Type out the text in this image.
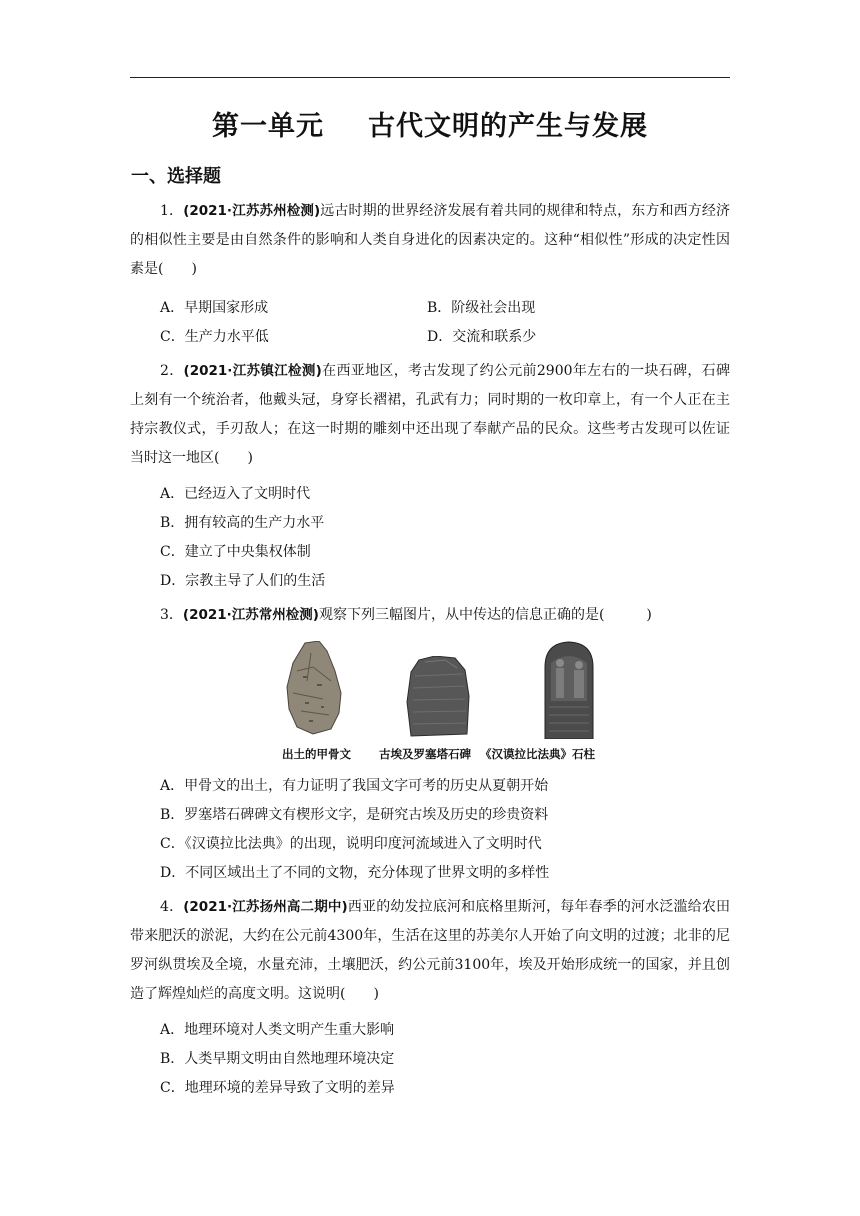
第一单元 古代文明的产生与发展
一、选择题
1．(2021·江苏苏州检测)远古时期的世界经济发展有着共同的规律和特点，东方和西方经济的相似性主要是由自然条件的影响和人类自身进化的因素决定的。这种“相似性”形成的决定性因素是(　　)
A．早期国家形成	B．阶级社会出现
C．生产力水平低	D．交流和联系少
2．(2021·江苏镇江检测)在西亚地区，考古发现了约公元前2900年左右的一块石碑，石碑上刻有一个统治者，他戴头冠，身穿长褶裙，孔武有力；同时期的一枚印章上，有一个人正在主持宗教仪式，手刃敌人；在这一时期的雕刻中还出现了奉献产品的民众。这些考古发现可以佐证当时这一地区(　　)
A．已经迈入了文明时代
B．拥有较高的生产力水平
C．建立了中央集权体制
D．宗教主导了人们的生活
3．(2021·江苏常州检测)观察下列三幅图片，从中传达的信息正确的是(　　　)
出土的甲骨文 古埃及罗塞塔石碑 《汉谟拉比法典》石柱
A．甲骨文的出土，有力证明了我国文字可考的历史从夏朝开始
B．罗塞塔石碑碑文有楔形文字，是研究古埃及历史的珍贵资料
C．《汉谟拉比法典》的出现，说明印度河流域进入了文明时代
D．不同区域出土了不同的文物，充分体现了世界文明的多样性
4．(2021·江苏扬州高二期中)西亚的幼发拉底河和底格里斯河，每年春季的河水泛滥给农田带来肥沃的淤泥，大约在公元前4300年，生活在这里的苏美尔人开始了向文明的过渡；北非的尼罗河纵贯埃及全境，水量充沛，土壤肥沃，约公元前3100年，埃及开始形成统一的国家，并且创造了辉煌灿烂的高度文明。这说明(　　)
A．地理环境对人类文明产生重大影响
B．人类早期文明由自然地理环境决定
C．地理环境的差异导致了文明的差异
